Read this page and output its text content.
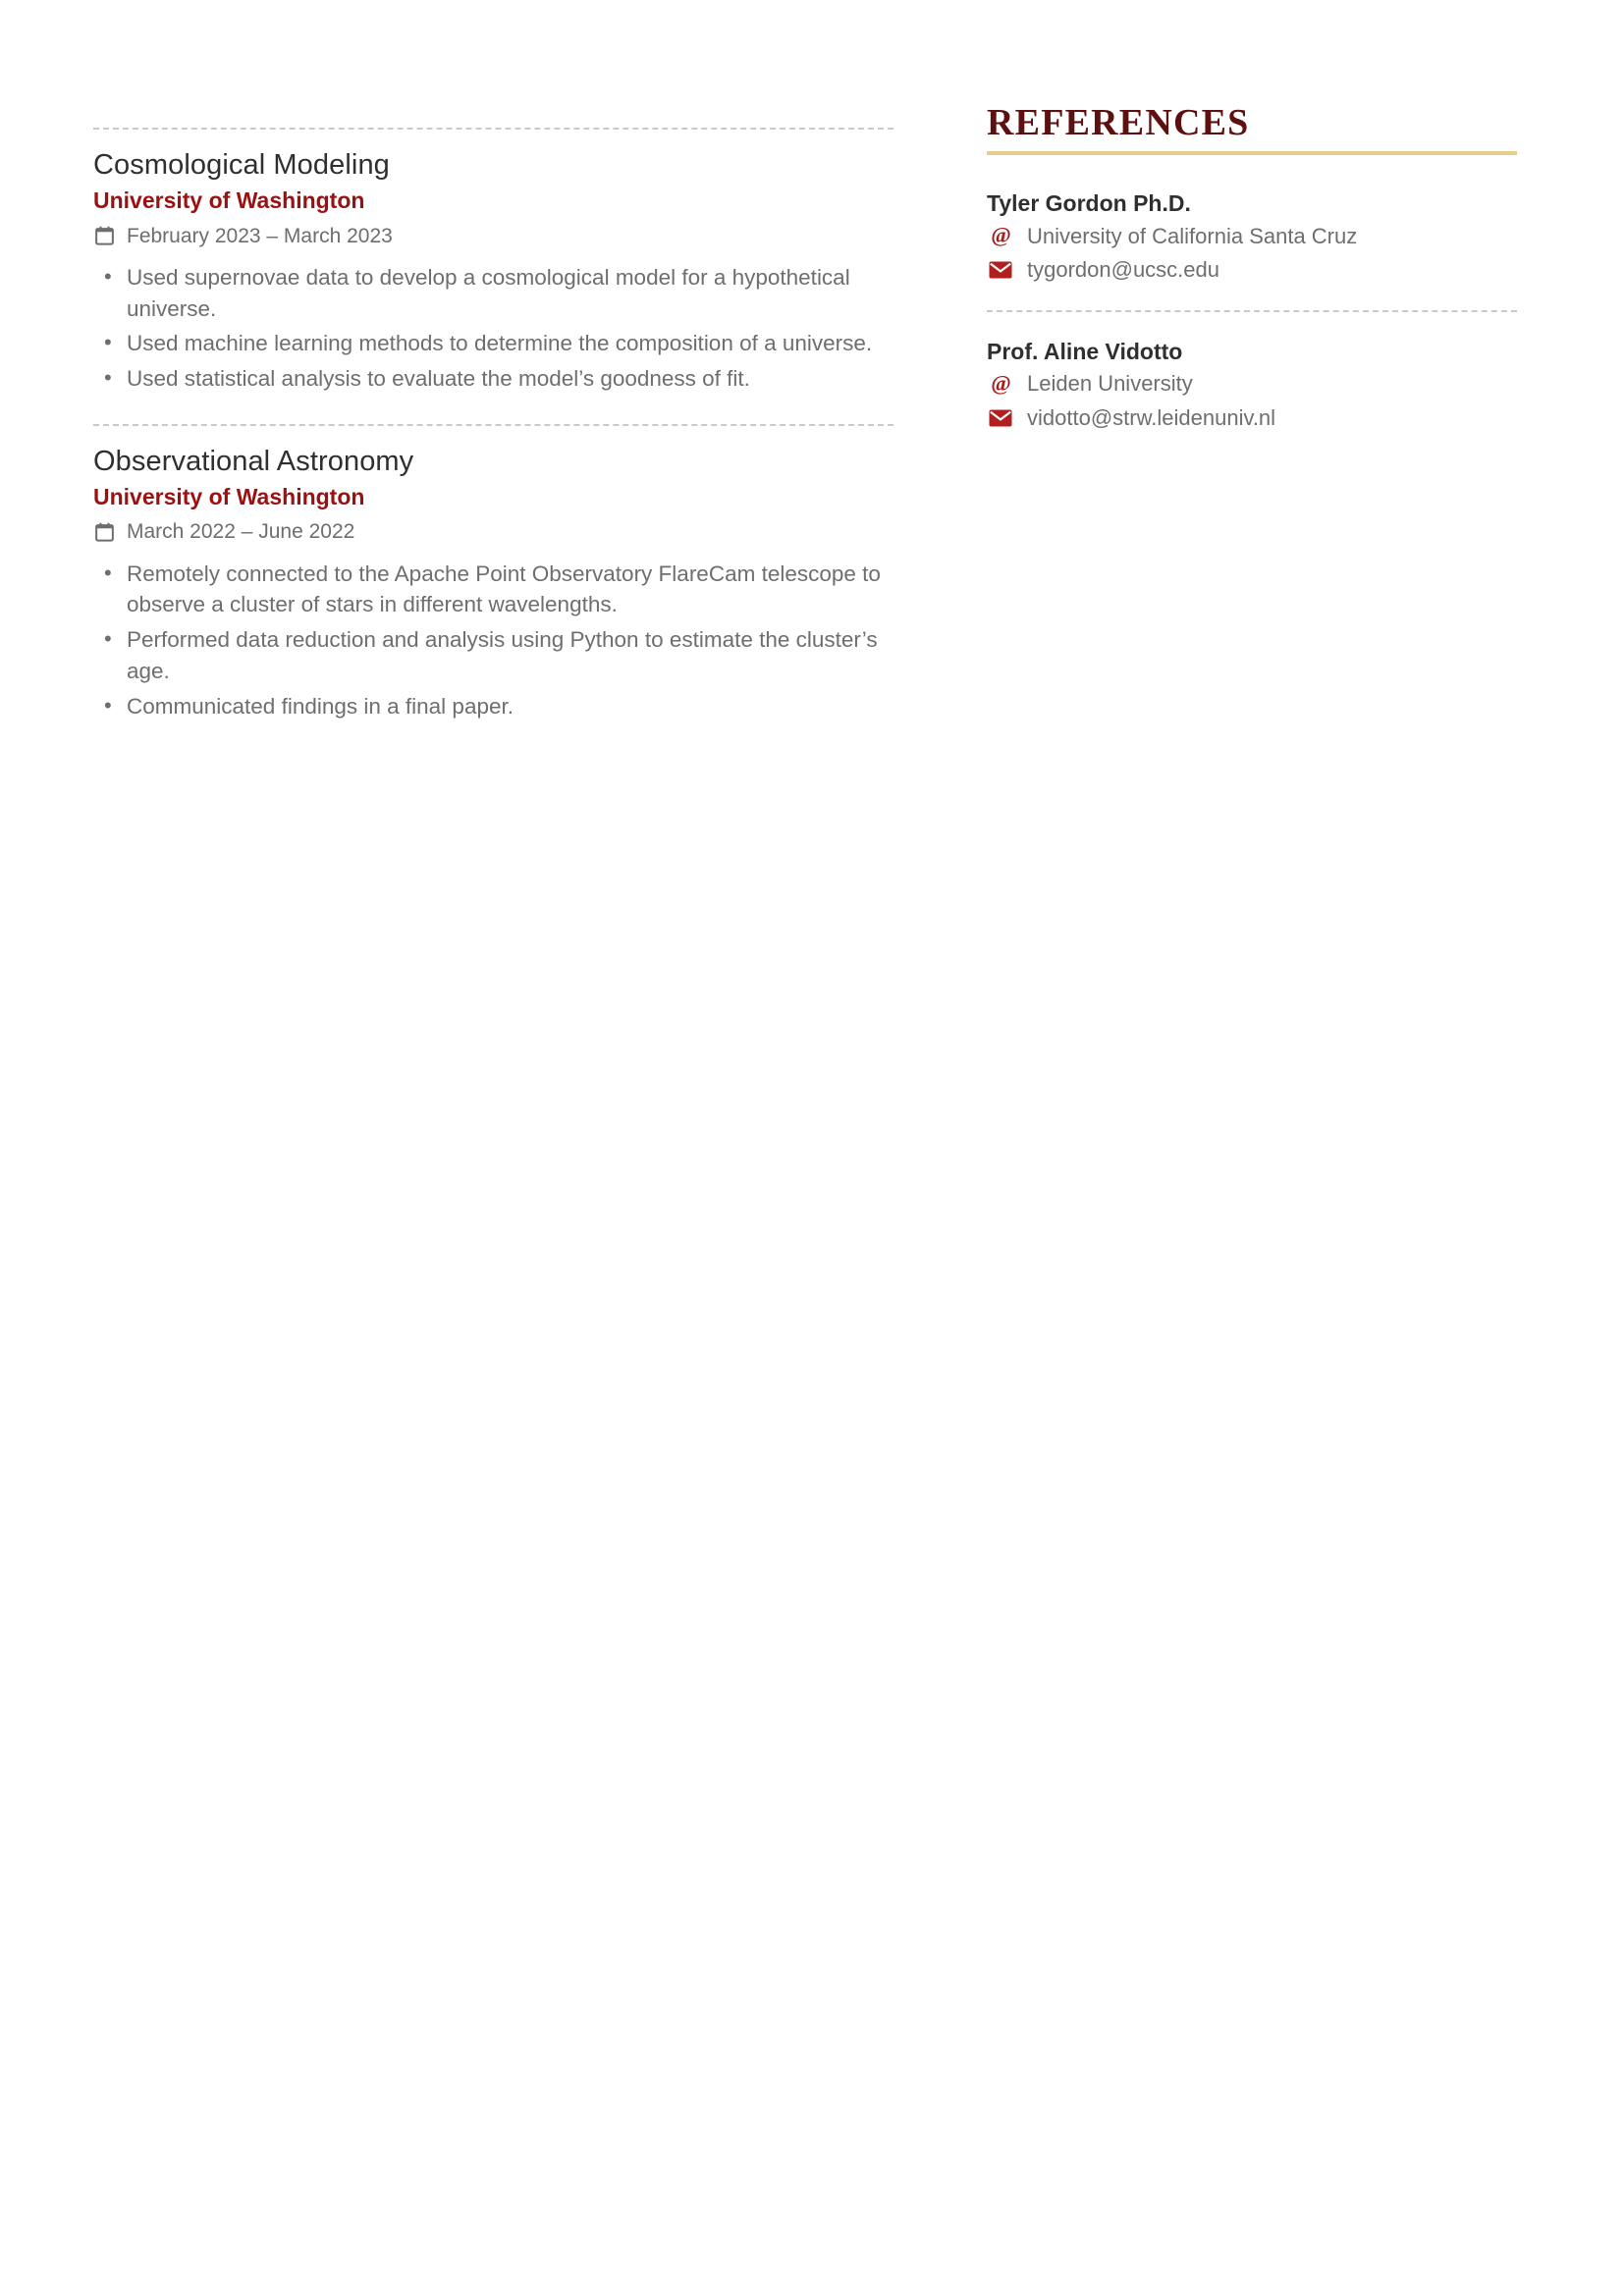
Cosmological Modeling
University of Washington
February 2023 – March 2023
• Used supernovae data to develop a cosmological model for a hypothetical universe.
• Used machine learning methods to determine the composition of a universe.
• Used statistical analysis to evaluate the model’s goodness of fit.
Observational Astronomy
University of Washington
March 2022 – June 2022
• Remotely connected to the Apache Point Observatory FlareCam telescope to observe a cluster of stars in different wavelengths.
• Performed data reduction and analysis using Python to estimate the cluster’s age.
• Communicated findings in a final paper.
REFERENCES
Tyler Gordon Ph.D.
@ University of California Santa Cruz
tygordon@ucsc.edu
Prof. Aline Vidotto
@ Leiden University
vidotto@strw.leidenuniv.nl
